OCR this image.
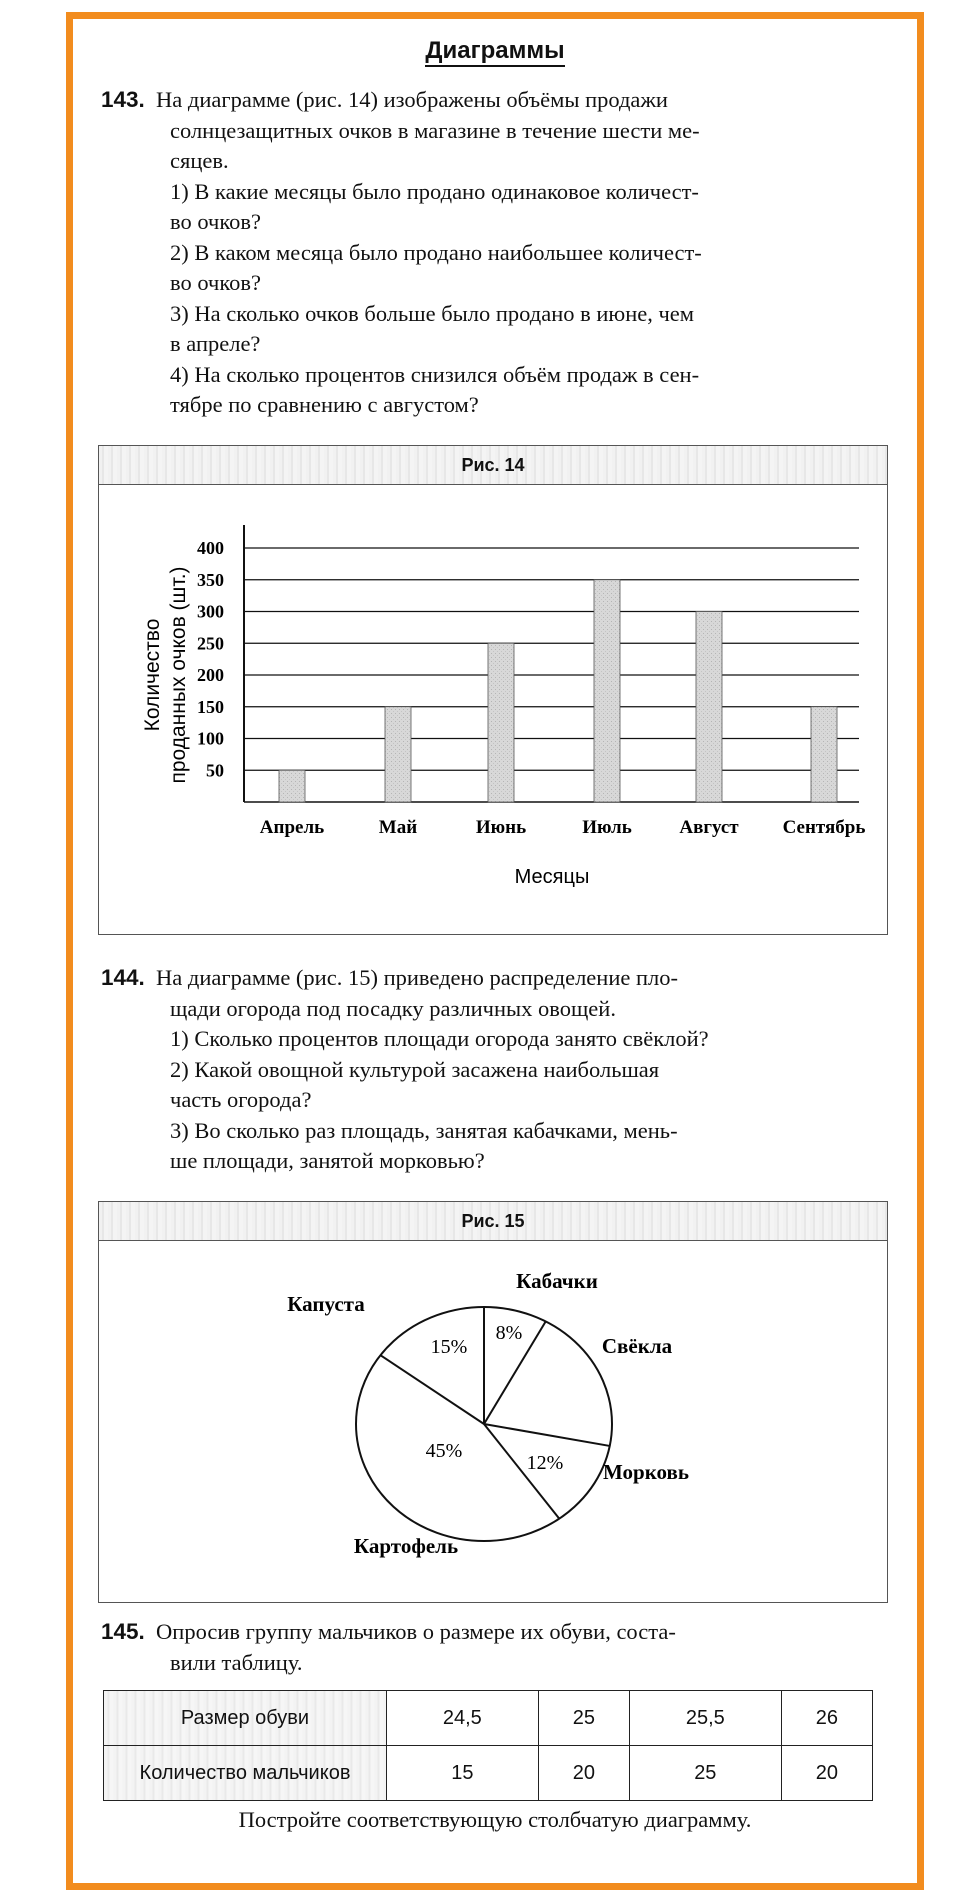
Диаграммы

143. На диаграмме (рис. 14) изображены объёмы продажи

солнцезащитных очков в магазине в течение шести ме-

сяцев.

1) В какие месяцы было продано одинаковое количест-

во очков?

2) В каком месяца было продано наибольшее количест-

во очков?

3) На сколько очков больше было продано в июне, чем

в апреле?

4) На сколько процентов снизился объём продаж в сен-

тябре по сравнению с августом?

Рис. 14
50
100
150
200
250
300
350
400
Апрель	Май	Июнь	Июль	Август Сентябрь
Месяцы
Количество проданных очков (шт.)

144. На диаграмме (рис. 15) приведено распределение пло-

щади огорода под посадку различных овощей.

1) Сколько процентов площади огорода занято свёклой?

2) Какой овощной культурой засажена наибольшая

часть огорода?

3) Во сколько раз площадь, занятая кабачками, мень-

ше площади, занятой морковью?

Рис. 15
8%
12%
45%
15%
Кабачки
Свёкла
Морковь
Картофель
Капуста

145. Опросив группу мальчиков о размере их обуви, соста-

вили таблицу.

Размер обуви	24,5	25	25,5	26
Количество мальчиков	15	20	25	20
Постройте соответствующую столбчатую диаграмму.
